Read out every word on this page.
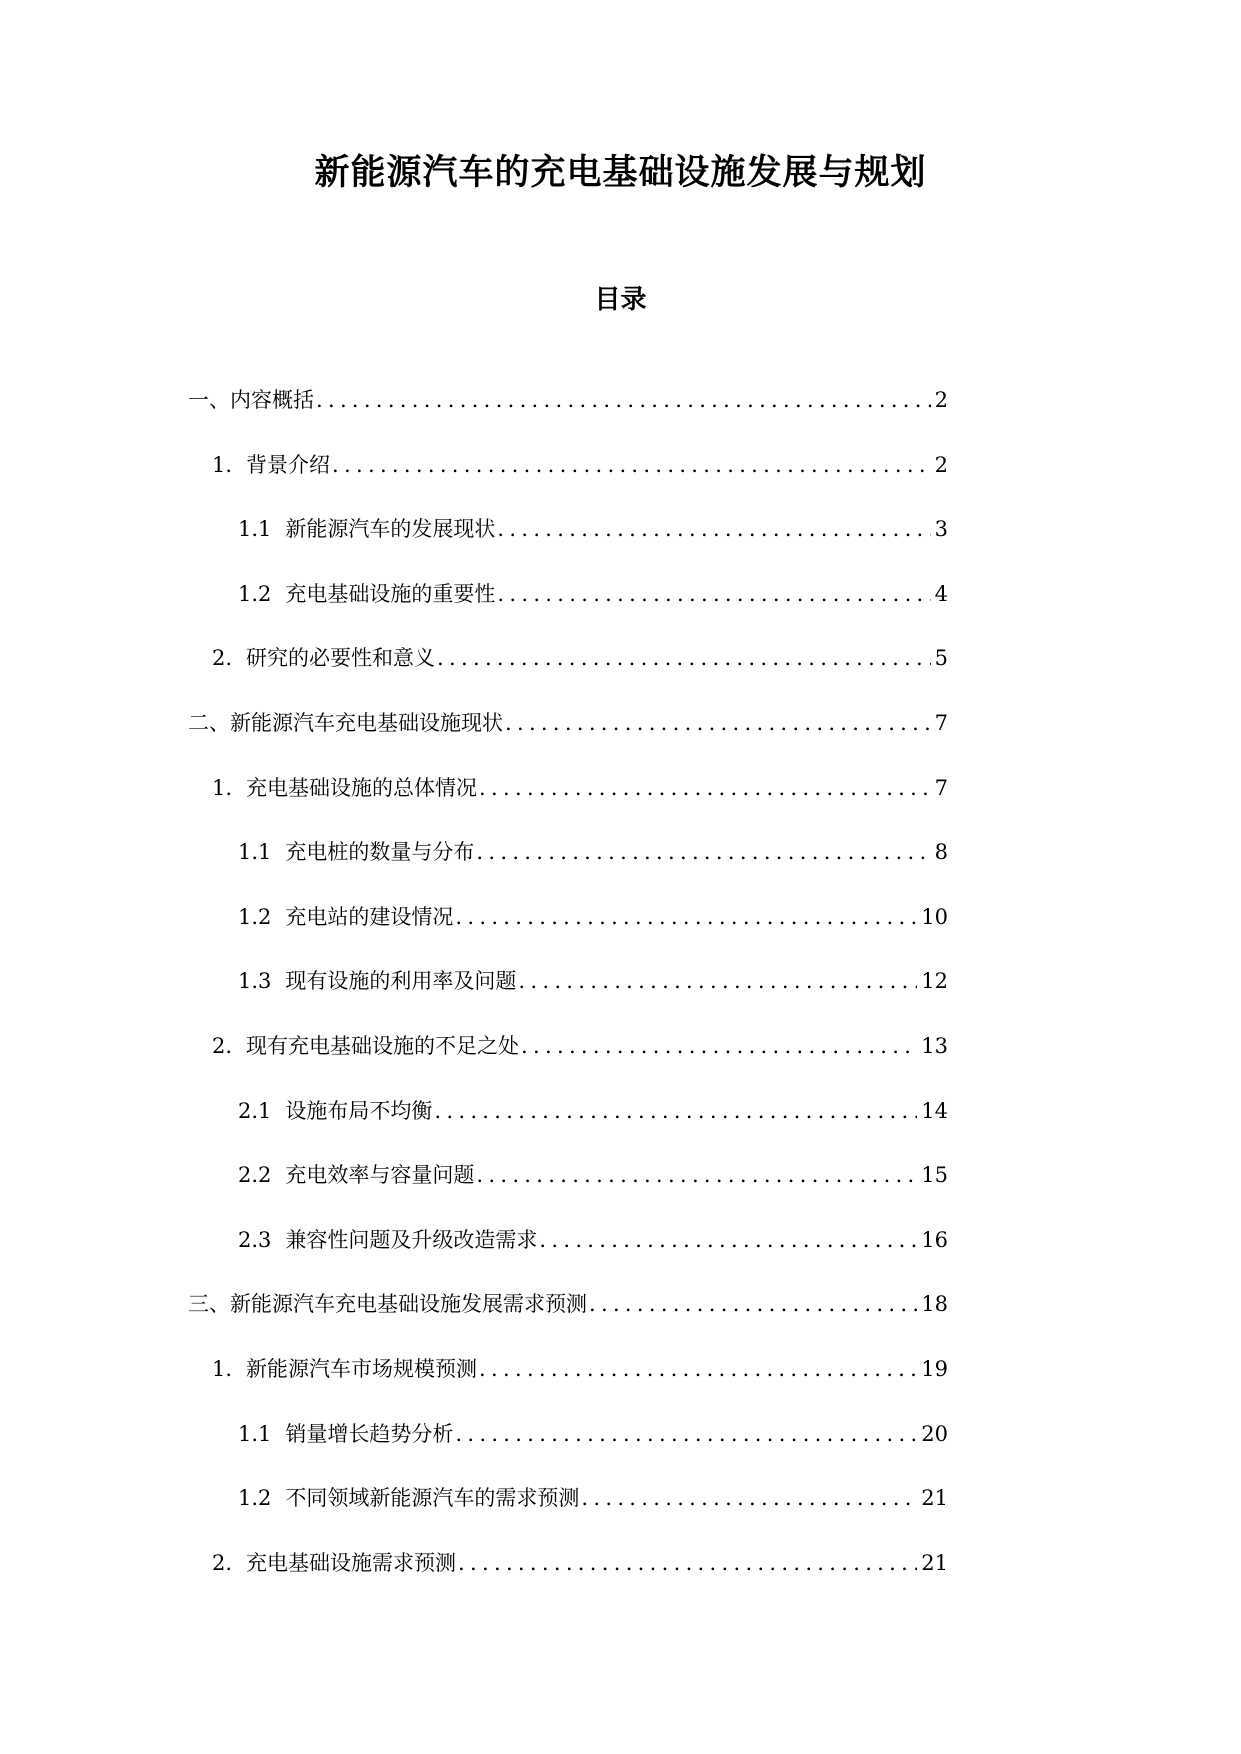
新能源汽车的充电基础设施发展与规划
目录
一、 内容概括 .....	2
1. 背景介绍 .....	2
1.1 新能源汽车的发展现状 .....	3
1.2 充电基础设施的重要性 .....	4
2. 研究的必要性和意义 .....	5
二、 新能源汽车充电基础设施现状 .....	7
1. 充电基础设施的总体情况 .....	7
1.1 充电桩的数量与分布 .....	8
1.2 充电站的建设情况 .....	10
1.3 现有设施的利用率及问题 .....	12
2. 现有充电基础设施的不足之处 .....	13
2.1 设施布局不均衡 .....	14
2.2 充电效率与容量问题 .....	15
2.3 兼容性问题及升级改造需求 .....	16
三、 新能源汽车充电基础设施发展需求预测 .....	18
1. 新能源汽车市场规模预测 .....	19
1.1 销量增长趋势分析 .....	20
1.2 不同领域新能源汽车的需求预测 .....	21
2. 充电基础设施需求预测 .....	21
